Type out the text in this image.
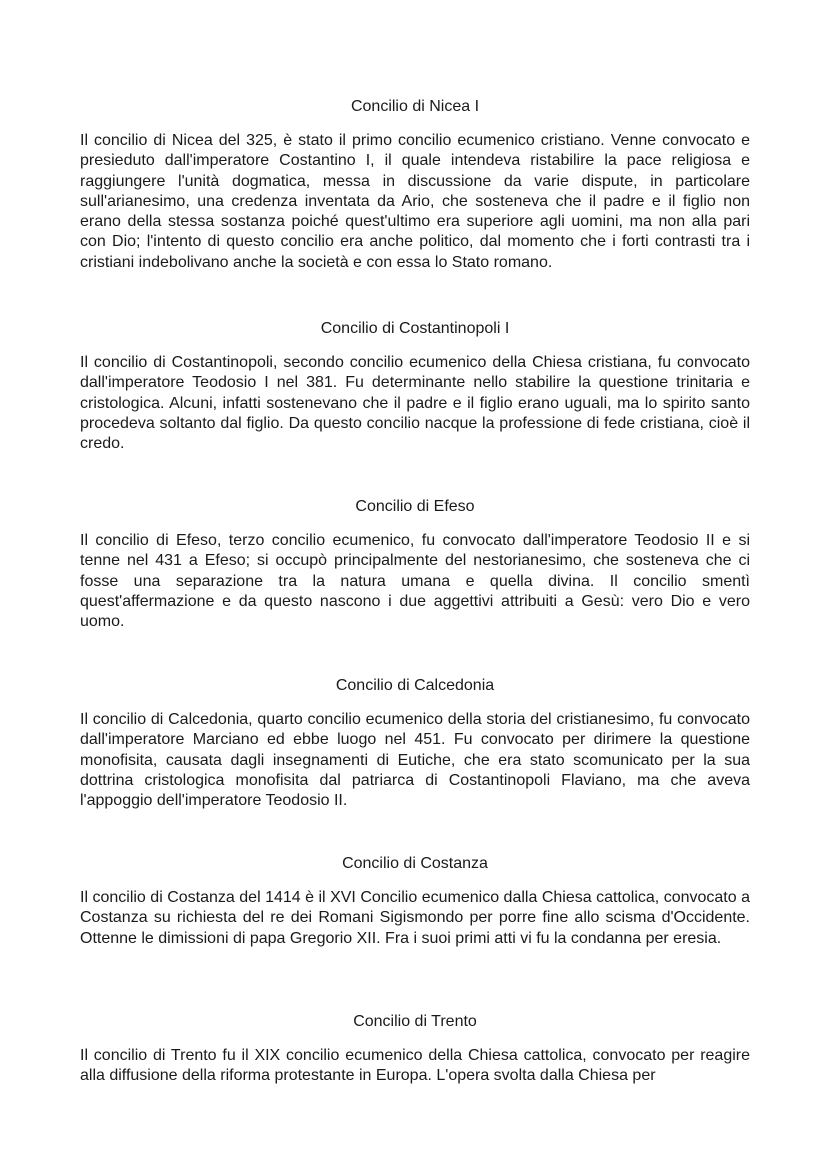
Concilio di Nicea I

Il concilio di Nicea del 325, è stato il primo concilio ecumenico cristiano. Venne convocato e presieduto dall'imperatore Costantino I, il quale intendeva ristabilire la pace religiosa e raggiungere l'unità dogmatica, messa in discussione da varie dispute, in particolare sull'arianesimo, una credenza inventata da Ario, che sosteneva che il padre e il figlio non erano della stessa sostanza poiché quest'ultimo era superiore agli uomini, ma non alla pari con Dio; l'intento di questo concilio era anche politico, dal momento che i forti contrasti tra i cristiani indebolivano anche la società e con essa lo Stato romano.

Concilio di Costantinopoli I

Il concilio di Costantinopoli, secondo concilio ecumenico della Chiesa cristiana, fu convocato dall'imperatore Teodosio I nel 381. Fu determinante nello stabilire la questione trinitaria e cristologica. Alcuni, infatti sostenevano che il padre e il figlio erano uguali, ma lo spirito santo procedeva soltanto dal figlio. Da questo concilio nacque la professione di fede cristiana, cioè il credo.

Concilio di Efeso

Il concilio di Efeso, terzo concilio ecumenico, fu convocato dall'imperatore Teodosio II e si tenne nel 431 a Efeso; si occupò principalmente del nestorianesimo, che sosteneva che ci fosse una separazione tra la natura umana e quella divina. Il concilio smentì quest'affermazione e da questo nascono i due aggettivi attribuiti a Gesù: vero Dio e vero uomo.

Concilio di Calcedonia

Il concilio di Calcedonia, quarto concilio ecumenico della storia del cristianesimo, fu convocato dall'imperatore Marciano ed ebbe luogo nel 451. Fu convocato per dirimere la questione monofisita, causata dagli insegnamenti di Eutiche, che era stato scomunicato per la sua dottrina cristologica monofisita dal patriarca di Costantinopoli Flaviano, ma che aveva l'appoggio dell'imperatore Teodosio II.

Concilio di Costanza

Il concilio di Costanza del 1414 è il XVI Concilio ecumenico dalla Chiesa cattolica, convocato a Costanza su richiesta del re dei Romani Sigismondo per porre fine allo scisma d'Occidente. Ottenne le dimissioni di papa Gregorio XII. Fra i suoi primi atti vi fu la condanna per eresia.

Concilio di Trento

Il concilio di Trento fu il XIX concilio ecumenico della Chiesa cattolica, convocato per reagire alla diffusione della riforma protestante in Europa. L'opera svolta dalla Chiesa per
